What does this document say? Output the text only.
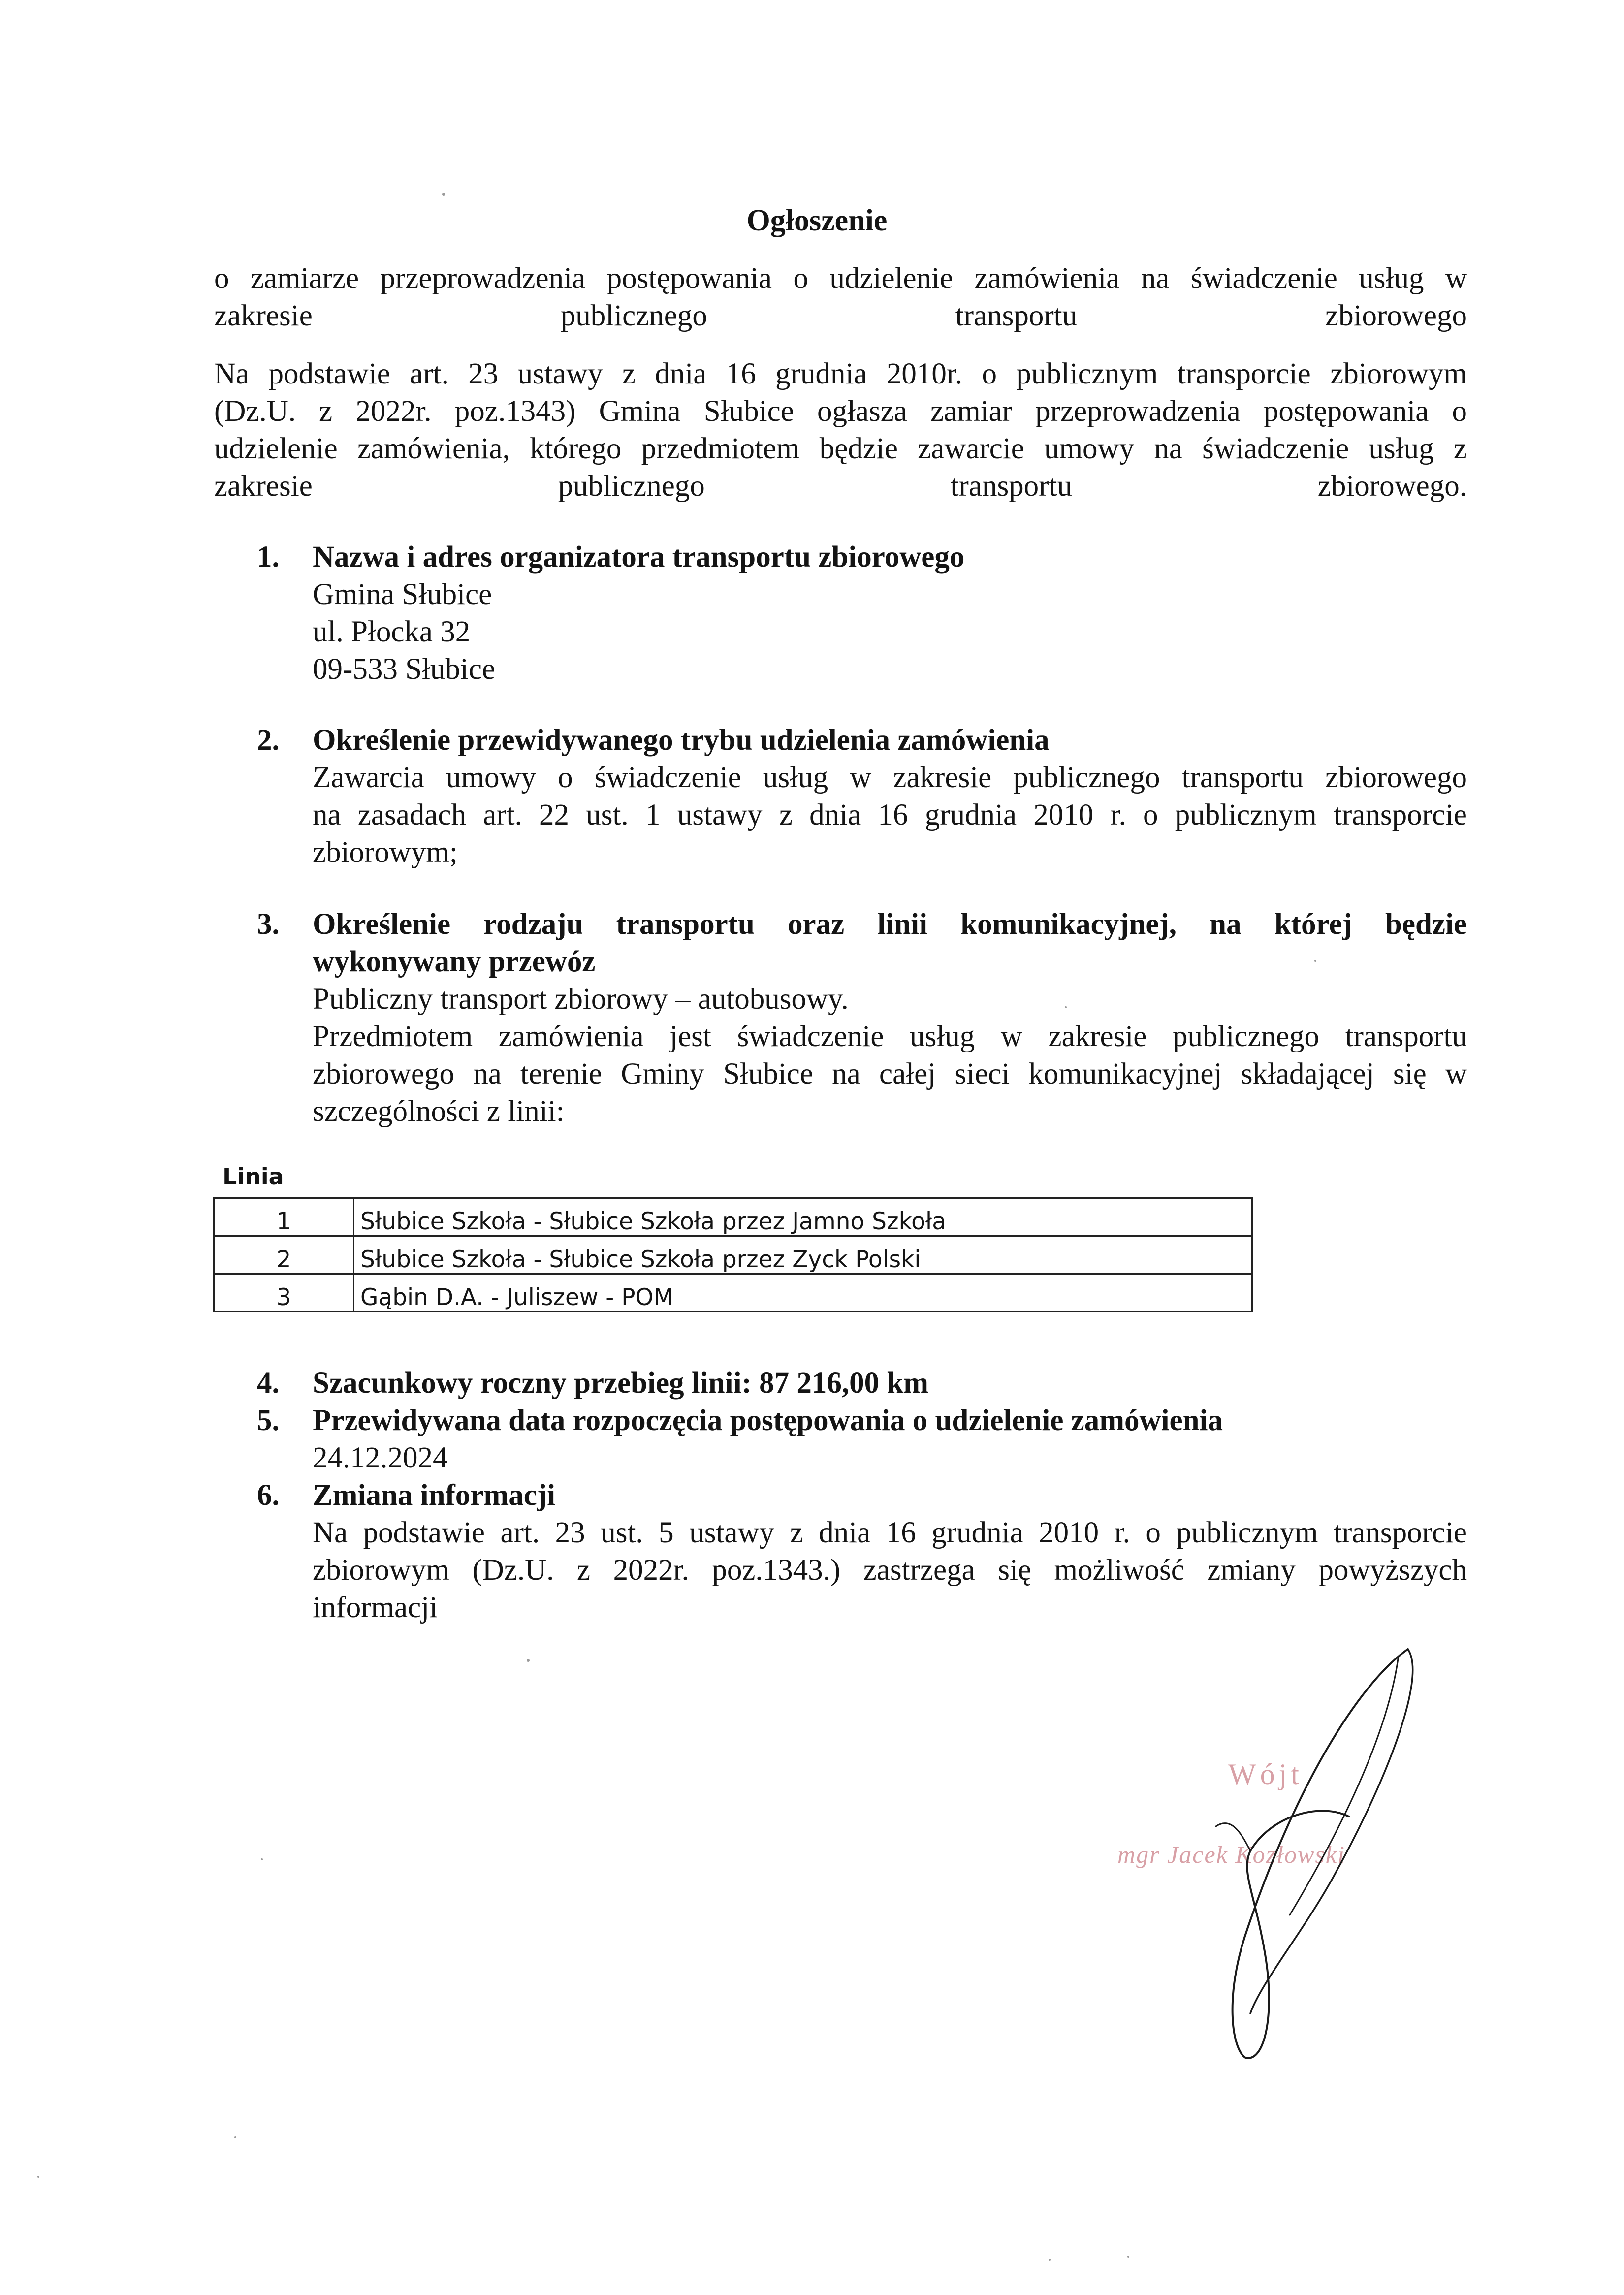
Ogłoszenie
o zamiarze przeprowadzenia postępowania o udzielenie zamówienia na świadczenie usług w
zakresie publicznego transportu zbiorowego
Na podstawie art. 23 ustawy z dnia 16 grudnia 2010r. o publicznym transporcie zbiorowym
(Dz.U. z 2022r. poz.1343) Gmina Słubice ogłasza zamiar przeprowadzenia postępowania o
udzielenie zamówienia, którego przedmiotem będzie zawarcie umowy na świadczenie usług z
zakresie publicznego transportu zbiorowego.
1. Nazwa i adres organizatora transportu zbiorowego
Gmina Słubice
ul. Płocka 32
09-533 Słubice
2. Określenie przewidywanego trybu udzielenia zamówienia
Zawarcia umowy o świadczenie usług w zakresie publicznego transportu zbiorowego
na zasadach art. 22 ust. 1 ustawy z dnia 16 grudnia 2010 r. o publicznym transporcie
zbiorowym;
3. Określenie rodzaju transportu oraz linii komunikacyjnej, na której będzie
wykonywany przewóz
Publiczny transport zbiorowy – autobusowy.
Przedmiotem zamówienia jest świadczenie usług w zakresie publicznego transportu
zbiorowego na terenie Gminy Słubice na całej sieci komunikacyjnej składającej się w
szczególności z linii:
Linia
1	Słubice Szkoła - Słubice Szkoła przez Jamno Szkoła
2	Słubice Szkoła - Słubice Szkoła przez Zyck Polski
3	Gąbin D.A. - Juliszew - POM
4. Szacunkowy roczny przebieg linii: 87 216,00 km
5. Przewidywana data rozpoczęcia postępowania o udzielenie zamówienia
24.12.2024
6. Zmiana informacji
Na podstawie art. 23 ust. 5 ustawy z dnia 16 grudnia 2010 r. o publicznym transporcie
zbiorowym (Dz.U. z 2022r. poz.1343.) zastrzega się możliwość zmiany powyższych
informacji
Wójt
mgr Jacek Kozłowski
